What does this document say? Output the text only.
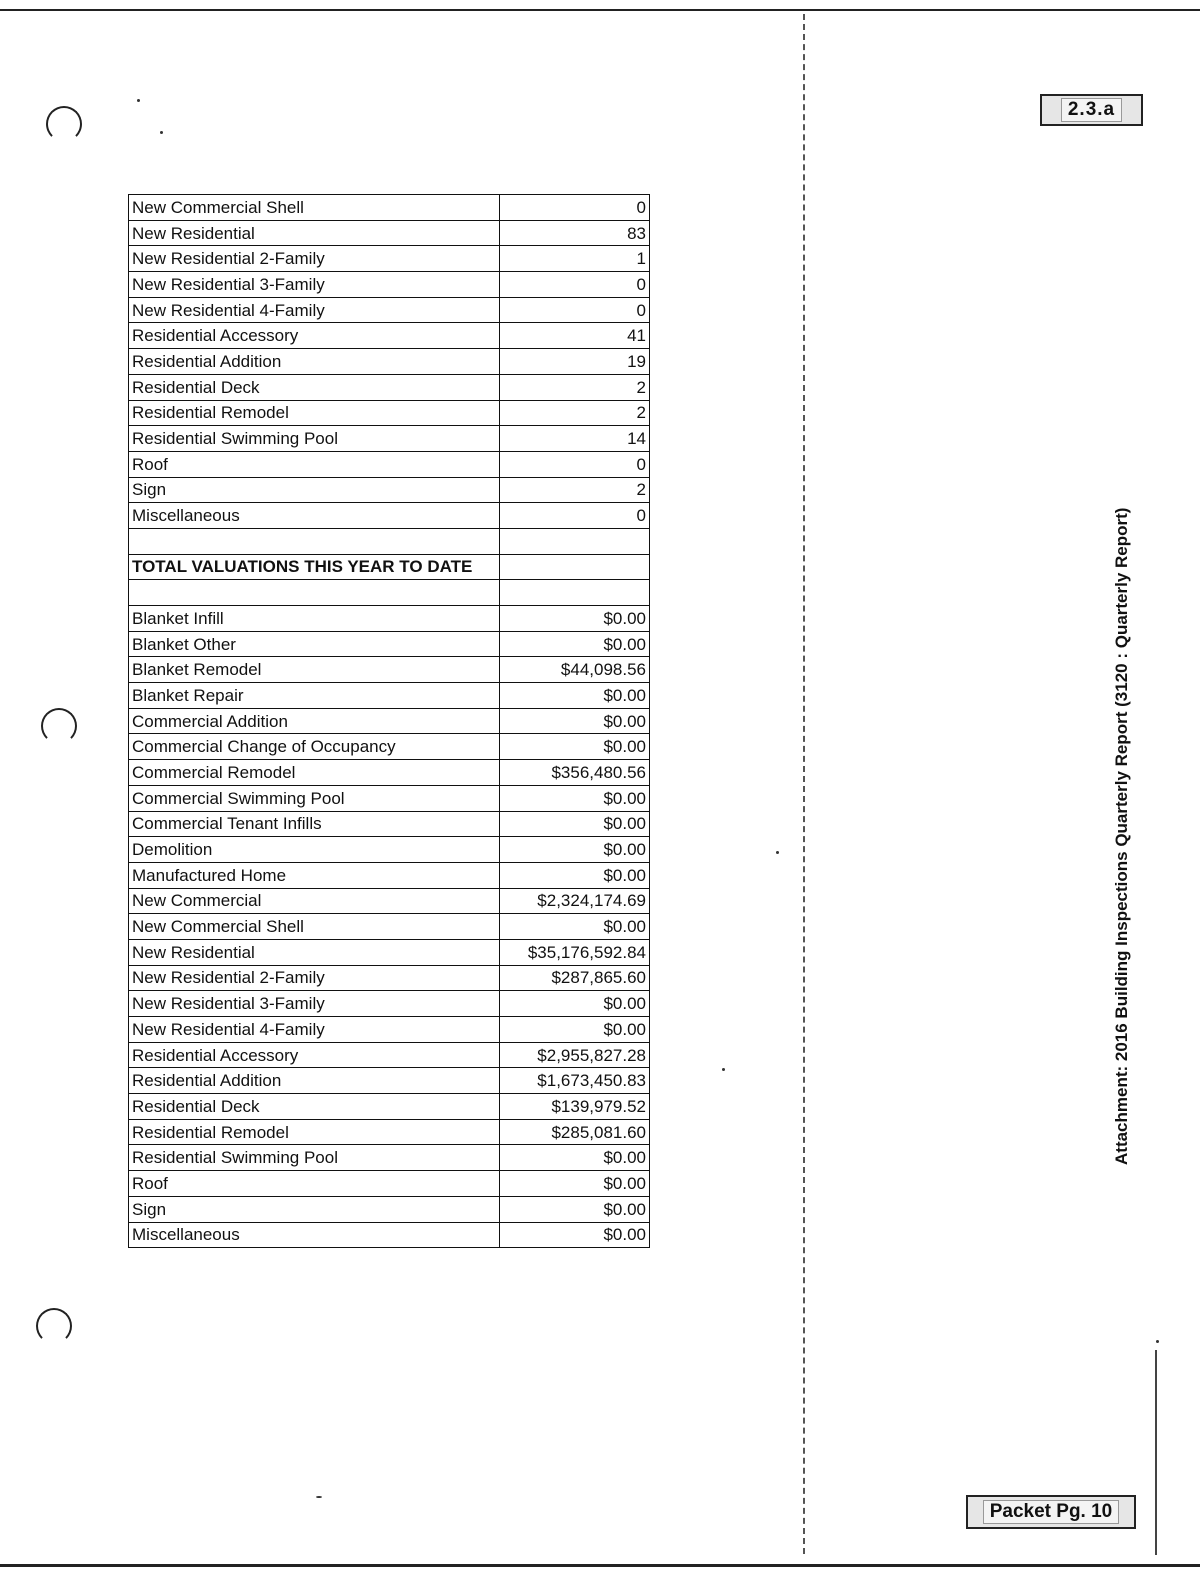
2.3.a
Attachment: 2016 Building Inspections Quarterly Report (3120 : Quarterly Report)
Packet Pg. 10
New Commercial Shell	0
New Residential	83
New Residential 2-Family	1
New Residential 3-Family	0
New Residential 4-Family	0
Residential Accessory	41
Residential Addition	19
Residential Deck	2
Residential Remodel	2
Residential Swimming Pool	14
Roof	0
Sign	2
Miscellaneous	0

TOTAL VALUATIONS THIS YEAR TO DATE	

Blanket Infill	$0.00
Blanket Other	$0.00
Blanket Remodel	$44,098.56
Blanket Repair	$0.00
Commercial Addition	$0.00
Commercial Change of Occupancy	$0.00
Commercial Remodel	$356,480.56
Commercial Swimming Pool	$0.00
Commercial Tenant Infills	$0.00
Demolition	$0.00
Manufactured Home	$0.00
New Commercial	$2,324,174.69
New Commercial Shell	$0.00
New Residential	$35,176,592.84
New Residential 2-Family	$287,865.60
New Residential 3-Family	$0.00
New Residential 4-Family	$0.00
Residential Accessory	$2,955,827.28
Residential Addition	$1,673,450.83
Residential Deck	$139,979.52
Residential Remodel	$285,081.60
Residential Swimming Pool	$0.00
Roof	$0.00
Sign	$0.00
Miscellaneous	$0.00
